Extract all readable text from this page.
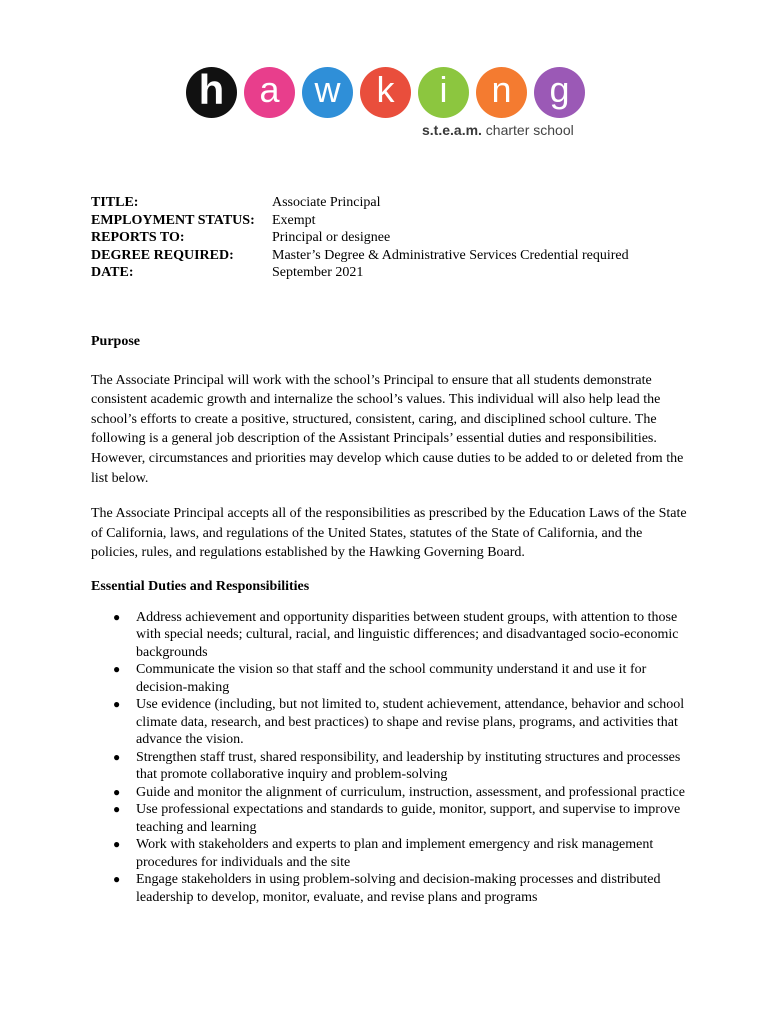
h a w	k	i	n	g
s.t.e.a.m. charter school
TITLE:	Associate Principal
EMPLOYMENT STATUS:	Exempt
REPORTS TO:	Principal or designee
DEGREE REQUIRED:	Master’s Degree & Administrative Services Credential required
DATE:	September 2021

Purpose

The Associate Principal will work with the school’s Principal to ensure that all students demonstrate consistent academic growth and internalize the school’s values. This individual will also help lead the school’s efforts to create a positive, structured, consistent, caring, and disciplined school culture. The following is a general job description of the Assistant Principals’ essential duties and responsibilities. However, circumstances and priorities may develop which cause duties to be added to or deleted from the list below.

The Associate Principal accepts all of the responsibilities as prescribed by the Education Laws of the State of California, laws, and regulations of the United States, statutes of the State of California, and the policies, rules, and regulations established by the Hawking Governing Board.

Essential Duties and Responsibilities

● Address achievement and opportunity disparities between student groups, with attention to those with special needs; cultural, racial, and linguistic differences; and disadvantaged socio-economic backgrounds
● Communicate the vision so that staff and the school community understand it and use it for decision-making
● Use evidence (including, but not limited to, student achievement, attendance, behavior and school climate data, research, and best practices) to shape and revise plans, programs, and activities that advance the vision.
● Strengthen staff trust, shared responsibility, and leadership by instituting structures and processes that promote collaborative inquiry and problem-solving
● Guide and monitor the alignment of curriculum, instruction, assessment, and professional practice
● Use professional expectations and standards to guide, monitor, support, and supervise to improve teaching and learning
● Work with stakeholders and experts to plan and implement emergency and risk management procedures for individuals and the site
● Engage stakeholders in using problem-solving and decision-making processes and distributed leadership to develop, monitor, evaluate, and revise plans and programs
